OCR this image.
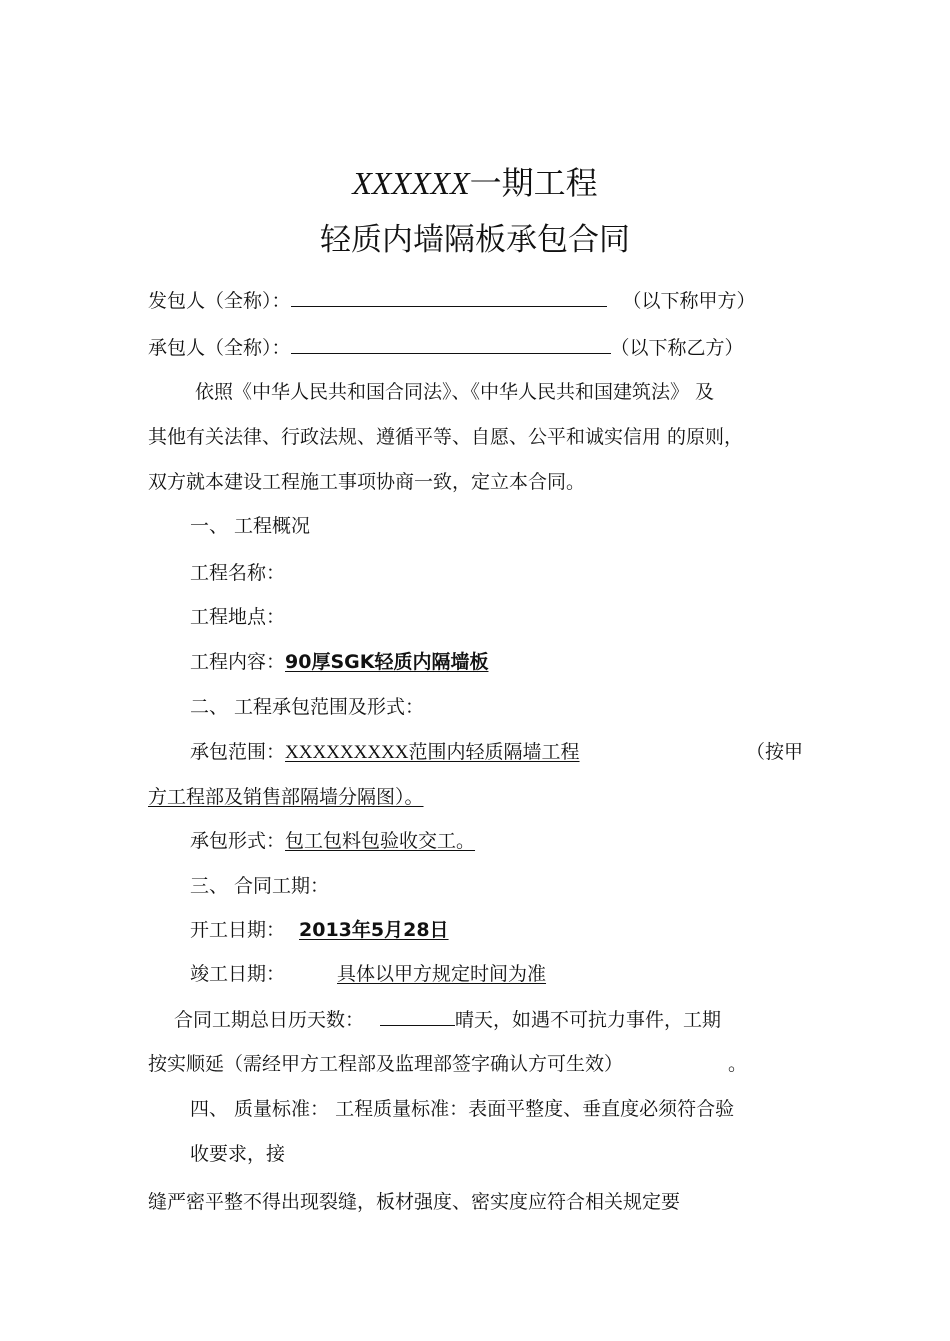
XXXXXX一期工程
轻质内墙隔板承包合同
发包人（全称）：	（以下称甲方）
承包人（全称）：	（以下称乙方）
依照《中华人民共和国合同法》、《中华人民共和国建筑法》 及
其他有关法律、行政法规、遵循平等、自愿、公平和诚实信用 的原则，
双方就本建设工程施工事项协商一致，定立本合同。
一、 工程概况
工程名称：
工程地点：
工程内容：90厚SGK轻质内隔墙板
二、 工程承包范围及形式：
承包范围：XXXXXXXXX范围内轻质隔墙工程	（按甲
方工程部及销售部隔墙分隔图）。
承包形式：包工包料包验收交工。
三、 合同工期：
开工日期： 2013年5月28日
竣工日期：	具体以甲方规定时间为准
合同工期总日历天数：	晴天，如遇不可抗力事件，工期
按实顺延（需经甲方工程部及监理部签字确认方可生效）	。
四、 质量标准： 工程质量标准：表面平整度、垂直度必须符合验
收要求，接
缝严密平整不得出现裂缝，板材强度、密实度应符合相关规定要
